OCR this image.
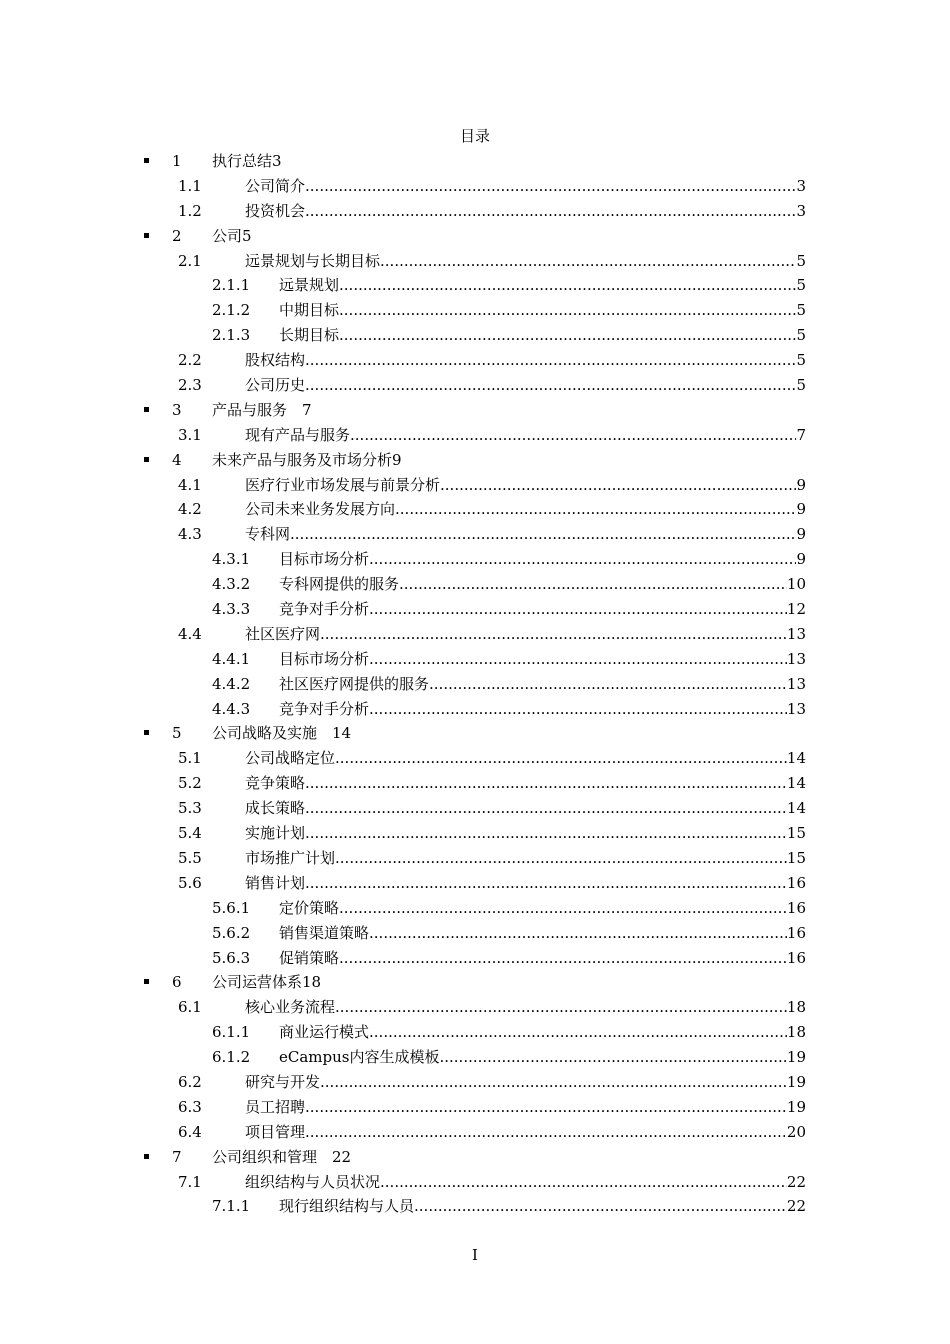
目录
1 执行总结3
1.1	公司简介 .....	3
1.2	投资机会 .....	3
2 公司5
2.1	远景规划与长期目标 .....	5
2.1.1 远景规划 .....	5
2.1.2 中期目标 .....	5
2.1.3 长期目标 .....	5
2.2	股权结构 .....	5
2.3	公司历史 .....	5
3 产品与服务　7
3.1	现有产品与服务 .....	7
4 未来产品与服务及市场分析9
4.1	医疗行业市场发展与前景分析 .....	9
4.2	公司未来业务发展方向 .....	9
4.3	专科网 .....	9
4.3.1 目标市场分析 .....	9
4.3.2 专科网提供的服务 .....	10
4.3.3 竞争对手分析 .....	12
4.4	社区医疗网 .....	13
4.4.1 目标市场分析 .....	13
4.4.2 社区医疗网提供的服务 .....	13
4.4.3 竞争对手分析 .....	13
5 公司战略及实施　14
5.1	公司战略定位 .....	14
5.2	竞争策略 .....	14
5.3	成长策略 .....	14
5.4	实施计划 .....	15
5.5	市场推广计划 .....	15
5.6	销售计划 .....	16
5.6.1 定价策略 .....	16
5.6.2 销售渠道策略 .....	16
5.6.3 促销策略 .....	16
6 公司运营体系18
6.1	核心业务流程 .....	18
6.1.1 商业运行模式 .....	18
6.1.2 eCampus内容生成模板 .....	19
6.2	研究与开发 .....	19
6.3	员工招聘 .....	19
6.4	项目管理 .....	20
7 公司组织和管理　22
7.1	组织结构与人员状况 .....	22
7.1.1 现行组织结构与人员 .....	22
I
